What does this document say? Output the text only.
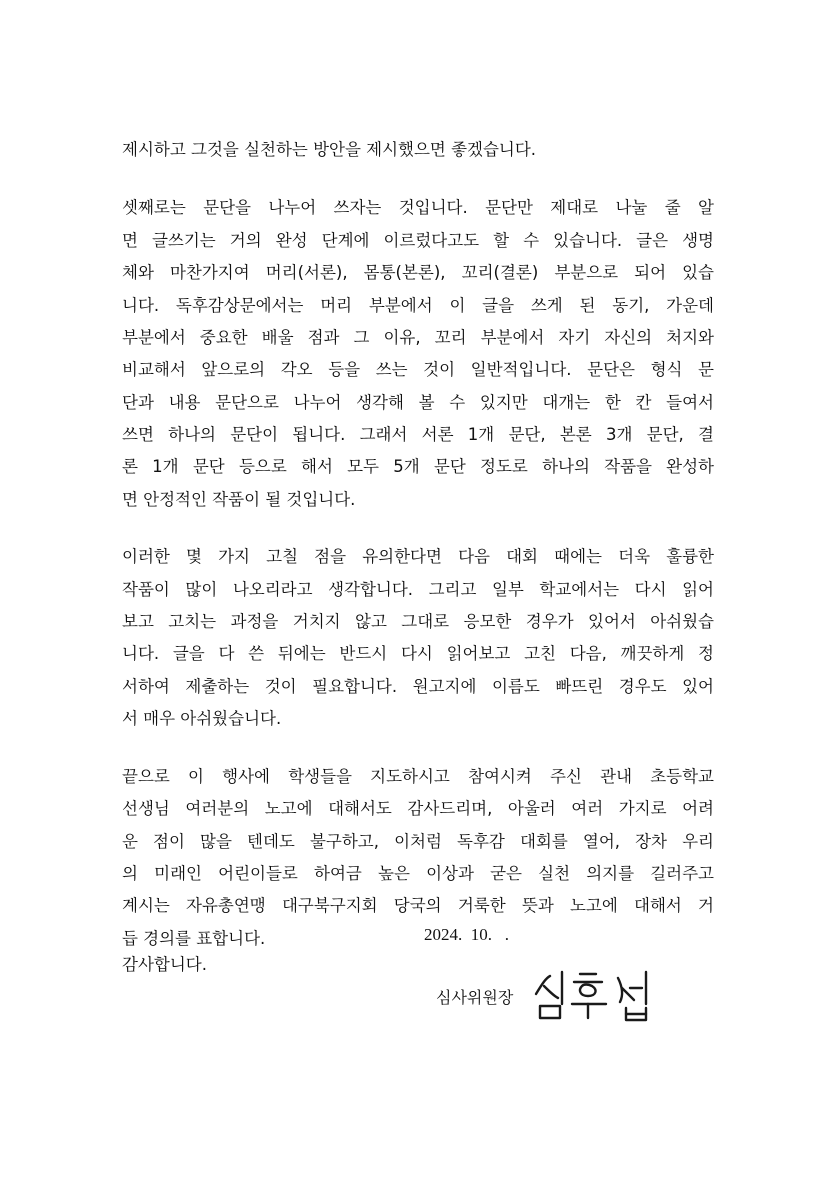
제시하고 그것을 실천하는 방안을 제시했으면 좋겠습니다.
셋째로는 문단을 나누어 쓰자는 것입니다. 문단만 제대로 나눌 줄 알
면 글쓰기는 거의 완성 단계에 이르렀다고도 할 수 있습니다. 글은 생명
체와 마찬가지여 머리(서론), 몸통(본론), 꼬리(결론) 부분으로 되어 있습
니다. 독후감상문에서는 머리 부분에서 이 글을 쓰게 된 동기, 가운데
부분에서 중요한 배울 점과 그 이유, 꼬리 부분에서 자기 자신의 처지와
비교해서 앞으로의 각오 등을 쓰는 것이 일반적입니다. 문단은 형식 문
단과 내용 문단으로 나누어 생각해 볼 수 있지만 대개는 한 칸 들여서
쓰면 하나의 문단이 됩니다. 그래서 서론 1개 문단, 본론 3개 문단, 결
론 1개 문단 등으로 해서 모두 5개 문단 정도로 하나의 작품을 완성하
면 안정적인 작품이 될 것입니다.
이러한 몇 가지 고칠 점을 유의한다면 다음 대회 때에는 더욱 훌륭한
작품이 많이 나오리라고 생각합니다. 그리고 일부 학교에서는 다시 읽어
보고 고치는 과정을 거치지 않고 그대로 응모한 경우가 있어서 아쉬웠습
니다. 글을 다 쓴 뒤에는 반드시 다시 읽어보고 고친 다음, 깨끗하게 정
서하여 제출하는 것이 필요합니다. 원고지에 이름도 빠뜨린 경우도 있어
서 매우 아쉬웠습니다.
끝으로 이 행사에 학생들을 지도하시고 참여시켜 주신 관내 초등학교
선생님 여러분의 노고에 대해서도 감사드리며, 아울러 여러 가지로 어려
운 점이 많을 텐데도 불구하고, 이처럼 독후감 대회를 열어, 장차 우리
의 미래인 어린이들로 하여금 높은 이상과 굳은 실천 의지를 길러주고
계시는 자유총연맹 대구북구지회 당국의 거룩한 뜻과 노고에 대해서 거
듭 경의를 표합니다.
감사합니다.
2024.  10.   .
심사위원장
